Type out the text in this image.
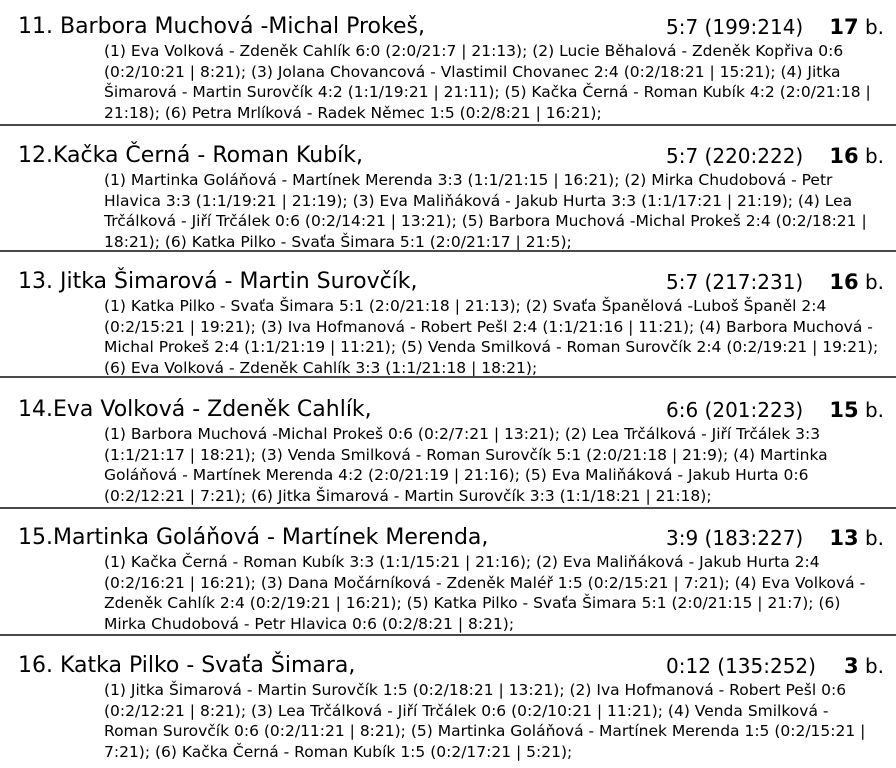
11. Barbora Muchová -Michal Prokeš,	5:7 (199:214) 17 b.
(1) Eva Volková - Zdeněk Cahlík 6:0 (2:0/21:7 | 21:13); (2) Lucie Běhalová - Zdeněk Kopřiva 0:6 (0:2/10:21 | 8:21); (3) Jolana Chovancová - Vlastimil Chovanec 2:4 (0:2/18:21 | 15:21); (4) Jitka Šimarová - Martin Surovčík 4:2 (1:1/19:21 | 21:11); (5) Kačka Černá - Roman Kubík 4:2 (2:0/21:18 | 21:18); (6) Petra Mrlíková - Radek Němec 1:5 (0:2/8:21 | 16:21);
12.Kačka Černá - Roman Kubík,	5:7 (220:222) 16 b.
(1) Martinka Goláňová - Martínek Merenda 3:3 (1:1/21:15 | 16:21); (2) Mirka Chudobová - Petr Hlavica 3:3 (1:1/19:21 | 21:19); (3) Eva Maliňáková - Jakub Hurta 3:3 (1:1/17:21 | 21:19); (4) Lea Trčálková - Jiří Trčálek 0:6 (0:2/14:21 | 13:21); (5) Barbora Muchová -Michal Prokeš 2:4 (0:2/18:21 | 18:21); (6) Katka Pilko - Svaťa Šimara 5:1 (2:0/21:17 | 21:5);
13. Jitka Šimarová - Martin Surovčík,	5:7 (217:231) 16 b.
(1) Katka Pilko - Svaťa Šimara 5:1 (2:0/21:18 | 21:13); (2) Svaťa Španělová -Luboš Španěl 2:4 (0:2/15:21 | 19:21); (3) Iva Hofmanová - Robert Pešl 2:4 (1:1/21:16 | 11:21); (4) Barbora Muchová -Michal Prokeš 2:4 (1:1/21:19 | 11:21); (5) Venda Smilková - Roman Surovčík 2:4 (0:2/19:21 | 19:21); (6) Eva Volková - Zdeněk Cahlík 3:3 (1:1/21:18 | 18:21);
14.Eva Volková - Zdeněk Cahlík,	6:6 (201:223) 15 b.
(1) Barbora Muchová -Michal Prokeš 0:6 (0:2/7:21 | 13:21); (2) Lea Trčálková - Jiří Trčálek 3:3 (1:1/21:17 | 18:21); (3) Venda Smilková - Roman Surovčík 5:1 (2:0/21:18 | 21:9); (4) Martinka Goláňová - Martínek Merenda 4:2 (2:0/21:19 | 21:16); (5) Eva Maliňáková - Jakub Hurta 0:6 (0:2/12:21 | 7:21); (6) Jitka Šimarová - Martin Surovčík 3:3 (1:1/18:21 | 21:18);
15.Martinka Goláňová - Martínek Merenda,	3:9 (183:227) 13 b.
(1) Kačka Černá - Roman Kubík 3:3 (1:1/15:21 | 21:16); (2) Eva Maliňáková - Jakub Hurta 2:4 (0:2/16:21 | 16:21); (3) Dana Močárníková - Zdeněk Maléř 1:5 (0:2/15:21 | 7:21); (4) Eva Volková - Zdeněk Cahlík 2:4 (0:2/19:21 | 16:21); (5) Katka Pilko - Svaťa Šimara 5:1 (2:0/21:15 | 21:7); (6) Mirka Chudobová - Petr Hlavica 0:6 (0:2/8:21 | 8:21);
16. Katka Pilko - Svaťa Šimara,	0:12 (135:252) 3 b.
(1) Jitka Šimarová - Martin Surovčík 1:5 (0:2/18:21 | 13:21); (2) Iva Hofmanová - Robert Pešl 0:6 (0:2/12:21 | 8:21); (3) Lea Trčálková - Jiří Trčálek 0:6 (0:2/10:21 | 11:21); (4) Venda Smilková - Roman Surovčík 0:6 (0:2/11:21 | 8:21); (5) Martinka Goláňová - Martínek Merenda 1:5 (0:2/15:21 | 7:21); (6) Kačka Černá - Roman Kubík 1:5 (0:2/17:21 | 5:21);
